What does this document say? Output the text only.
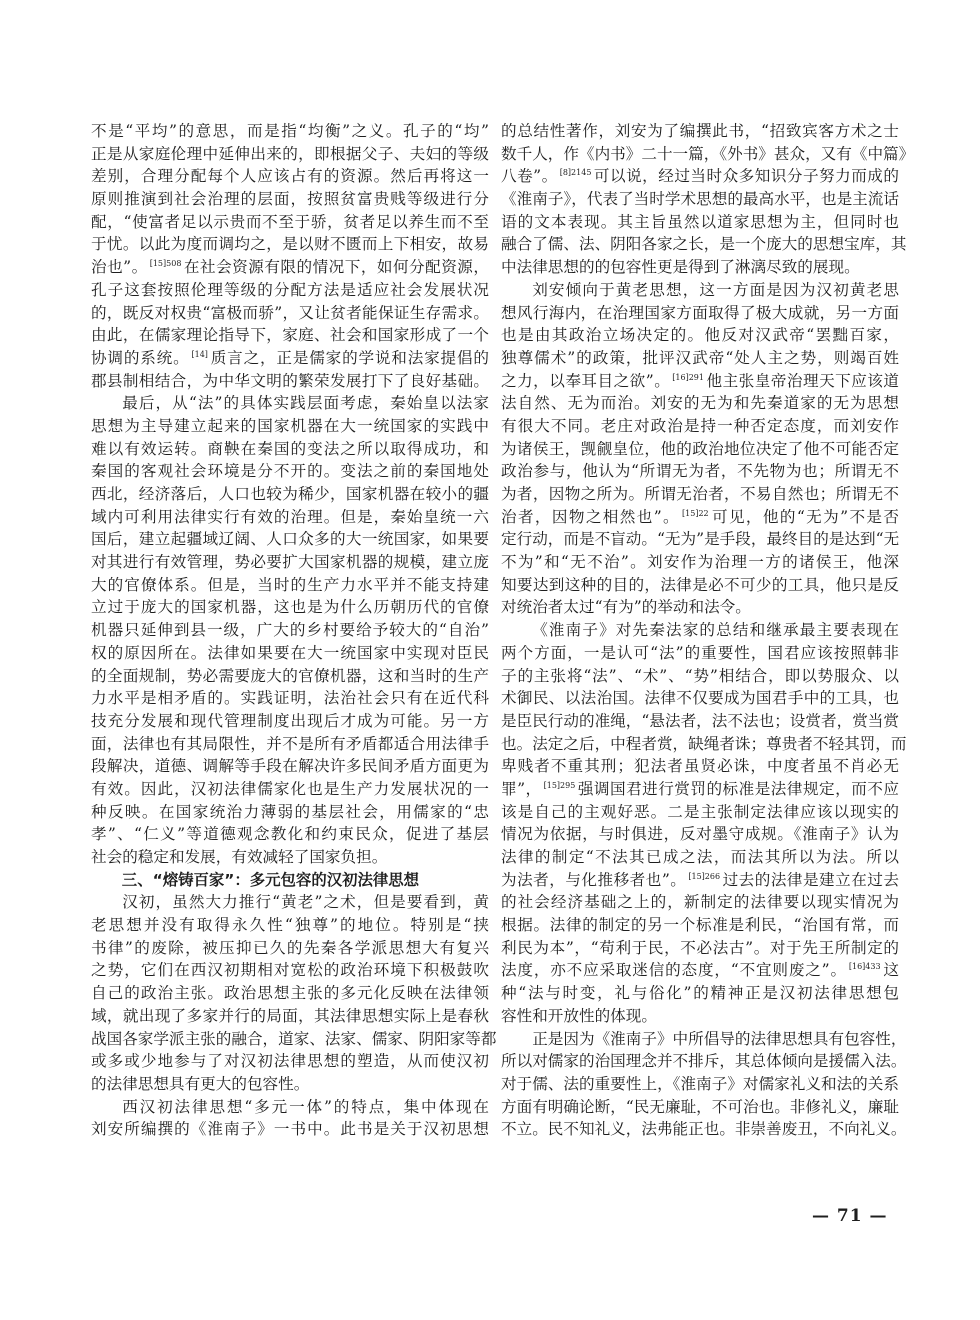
不是“平均”的意思，而是指“均衡”之义。孔子的“均”
正是从家庭伦理中延伸出来的，即根据父子、夫妇的等级
差别，合理分配每个人应该占有的资源。然后再将这一
原则推演到社会治理的层面，按照贫富贵贱等级进行分
配，“使富者足以示贵而不至于骄，贫者足以养生而不至
于忧。以此为度而调均之，是以财不匮而上下相安，故易
治也”。 $^{[15]508}$ 在社会资源有限的情况下，如何分配资源，
孔子这套按照伦理等级的分配方法是适应社会发展状况
的，既反对权贵“富极而骄”，又让贫者能保证生存需求。
由此，在儒家理论指导下，家庭、社会和国家形成了一个
协调的系统。 [14] 质言之，正是儒家的学说和法家提倡的
郡县制相结合，为中华文明的繁荣发展打下了良好基础。
最后，从“法”的具体实践层面考虑，秦始皇以法家
思想为主导建立起来的国家机器在大一统国家的实践中
难以有效运转。商鞅在秦国的变法之所以取得成功，和
秦国的客观社会环境是分不开的。变法之前的秦国地处
西北，经济落后，人口也较为稀少，国家机器在较小的疆
域内可利用法律实行有效的治理。但是，秦始皇统一六
国后，建立起疆域辽阔、人口众多的大一统国家，如果要
对其进行有效管理，势必要扩大国家机器的规模，建立庞
大的官僚体系。但是，当时的生产力水平并不能支持建
立过于庞大的国家机器，这也是为什么历朝历代的官僚
机器只延伸到县一级，广大的乡村要给予较大的“自治”
权的原因所在。法律如果要在大一统国家中实现对臣民
的全面规制，势必需要庞大的官僚机器，这和当时的生产
力水平是相矛盾的。实践证明，法治社会只有在近代科
技充分发展和现代管理制度出现后才成为可能。另一方
面，法律也有其局限性，并不是所有矛盾都适合用法律手
段解决，道德、调解等手段在解决许多民间矛盾方面更为
有效。因此，汉初法律儒家化也是生产力发展状况的一
种反映。在国家统治力薄弱的基层社会，用儒家的“忠
孝”、“仁义”等道德观念教化和约束民众，促进了基层
社会的稳定和发展，有效减轻了国家负担。
三、“熔铸百家”：多元包容的汉初法律思想
汉初，虽然大力推行“黄老”之术，但是要看到，黄
老思想并没有取得永久性“独尊”的地位。特别是“挟
书律”的废除，被压抑已久的先秦各学派思想大有复兴
之势，它们在西汉初期相对宽松的政治环境下积极鼓吹
自己的政治主张。政治思想主张的多元化反映在法律领
域，就出现了多家并行的局面，其法律思想实际上是春秋
战国各家学派主张的融合，道家、法家、儒家、阴阳家等都
或多或少地参与了对汉初法律思想的塑造，从而使汉初
的法律思想具有更大的包容性。
西汉初法律思想“多元一体”的特点，集中体现在
刘安所编撰的《淮南子》一书中。此书是关于汉初思想
的总结性著作，刘安为了编撰此书，“招致宾客方术之士
数千人，作《内书》二十一篇，《外书》甚众，又有《中篇》
八卷”。 $^{[8]2145}$ 可以说，经过当时众多知识分子努力而成的
《淮南子》，代表了当时学术思想的最高水平，也是主流话
语的文本表现。其主旨虽然以道家思想为主，但同时也
融合了儒、法、阴阳各家之长，是一个庞大的思想宝库，其
中法律思想的的包容性更是得到了淋漓尽致的展现。
刘安倾向于黄老思想，这一方面是因为汉初黄老思
想风行海内，在治理国家方面取得了极大成就，另一方面
也是由其政治立场决定的。他反对汉武帝“罢黜百家，
独尊儒术”的政策，批评汉武帝“处人主之势，则竭百姓
之力，以奉耳目之欲”。 $^{[16]291}$ 他主张皇帝治理天下应该道
法自然、无为而治。刘安的无为和先秦道家的无为思想
有很大不同。老庄对政治是持一种否定态度，而刘安作
为诸侯王，觊觎皇位，他的政治地位决定了他不可能否定
政治参与，他认为“所谓无为者，不先物为也；所谓无不
为者，因物之所为。所谓无治者，不易自然也；所谓无不
治者，因物之相然也”。 $^{[15]22}$ 可见，他的“无为”不是否
定行动，而是不盲动。“无为”是手段，最终目的是达到“无
不为”和“无不治”。刘安作为治理一方的诸侯王，他深
知要达到这种的目的，法律是必不可少的工具，他只是反
对统治者太过“有为”的举动和法令。
《淮南子》对先秦法家的总结和继承最主要表现在
两个方面，一是认可“法”的重要性，国君应该按照韩非
子的主张将“法”、“术”、“势”相结合，即以势服众、以
术御民、以法治国。法律不仅要成为国君手中的工具，也
是臣民行动的准绳，“悬法者，法不法也；设赏者，赏当赏
也。法定之后，中程者赏，缺绳者诛；尊贵者不轻其罚，而
卑贱者不重其刑；犯法者虽贤必诛，中度者虽不肖必无
罪”， $^{[15]295}$ 强调国君进行赏罚的标准是法律规定，而不应
该是自己的主观好恶。二是主张制定法律应该以现实的
情况为依据，与时俱进，反对墨守成规。《淮南子》认为
法律的制定“不法其已成之法，而法其所以为法。所以
为法者，与化推移者也”。 $^{[15]266}$ 过去的法律是建立在过去
的社会经济基础之上的，新制定的法律要以现实情况为
根据。法律的制定的另一个标准是利民，“治国有常，而
利民为本”，“苟利于民，不必法古”。对于先王所制定的
法度，亦不应采取迷信的态度，“不宜则废之”。 $^{[16]433}$ 这
种“法与时变，礼与俗化”的精神正是汉初法律思想包
容性和开放性的体现。
正是因为《淮南子》中所倡导的法律思想具有包容性，
所以对儒家的治国理念并不排斥，其总体倾向是援儒入法。
对于儒、法的重要性上，《淮南子》对儒家礼义和法的关系
方面有明确论断，“民无廉耻，不可治也。非修礼义，廉耻
不立。民不知礼义，法弗能正也。非崇善废丑，不向礼义。
— 71 —
